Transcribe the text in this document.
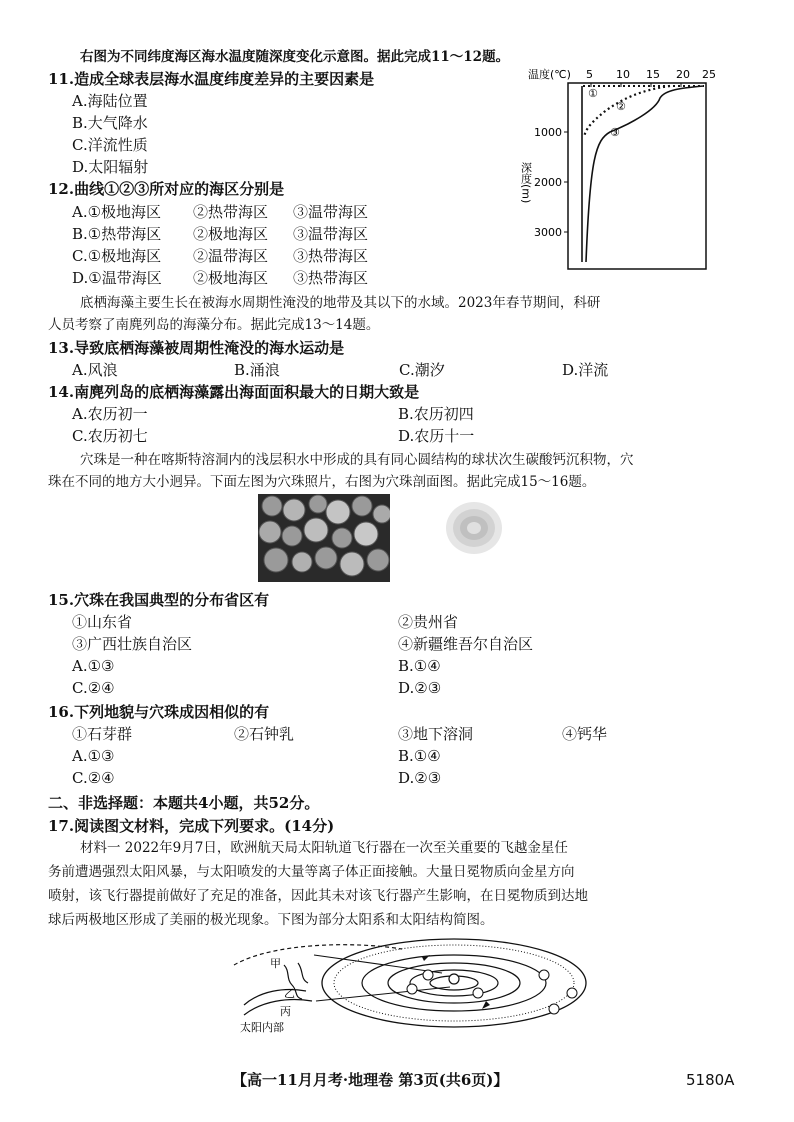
右图为不同纬度海区海水温度随深度变化示意图。据此完成11～12题。
11.造成全球表层海水温度纬度差异的主要因素是
A.海陆位置
B.大气降水
C.洋流性质
D.太阳辐射
12.曲线①②③所对应的海区分别是
A.①极地海区 ②热带海区 ③温带海区
B.①热带海区 ②极地海区 ③温带海区
C.①极地海区 ②温带海区 ③热带海区
D.①温带海区 ②极地海区 ③热带海区
温度(℃) 5 10 15 20 25
1000
2000
3000
深度(m)
①
②
③
底栖海藻主要生长在被海水周期性淹没的地带及其以下的水域。2023年春节期间，科研
人员考察了南麂列岛的海藻分布。据此完成13～14题。
13.导致底栖海藻被周期性淹没的海水运动是
A.风浪	B.涌浪	C.潮汐	D.洋流
14.南麂列岛的底栖海藻露出海面面积最大的日期大致是
A.农历初一	B.农历初四
C.农历初七	D.农历十一
穴珠是一种在喀斯特溶洞内的浅层积水中形成的具有同心圆结构的球状次生碳酸钙沉积物，穴
珠在不同的地方大小迥异。下面左图为穴珠照片，右图为穴珠剖面图。据此完成15～16题。
15.穴珠在我国典型的分布省区有
①山东省	②贵州省
③广西壮族自治区	④新疆维吾尔自治区
A.①③	B.①④
C.②④	D.②③
16.下列地貌与穴珠成因相似的有
①石芽群	②石钟乳	③地下溶洞	④钙华
A.①③	B.①④
C.②④	D.②③
二、非选择题：本题共4小题，共52分。
17.阅读图文材料，完成下列要求。(14分)
材料一 2022年9月7日，欧洲航天局太阳轨道飞行器在一次至关重要的飞越金星任
务前遭遇强烈太阳风暴，与太阳喷发的大量等离子体正面接触。大量日冕物质向金星方向
喷射，该飞行器提前做好了充足的准备，因此其未对该飞行器产生影响，在日冕物质到达地
球后两极地区形成了美丽的极光现象。下图为部分太阳系和太阳结构简图。
甲
乙
丙
太阳内部
【高一11月月考·地理卷 第3页(共6页)】	5180A
